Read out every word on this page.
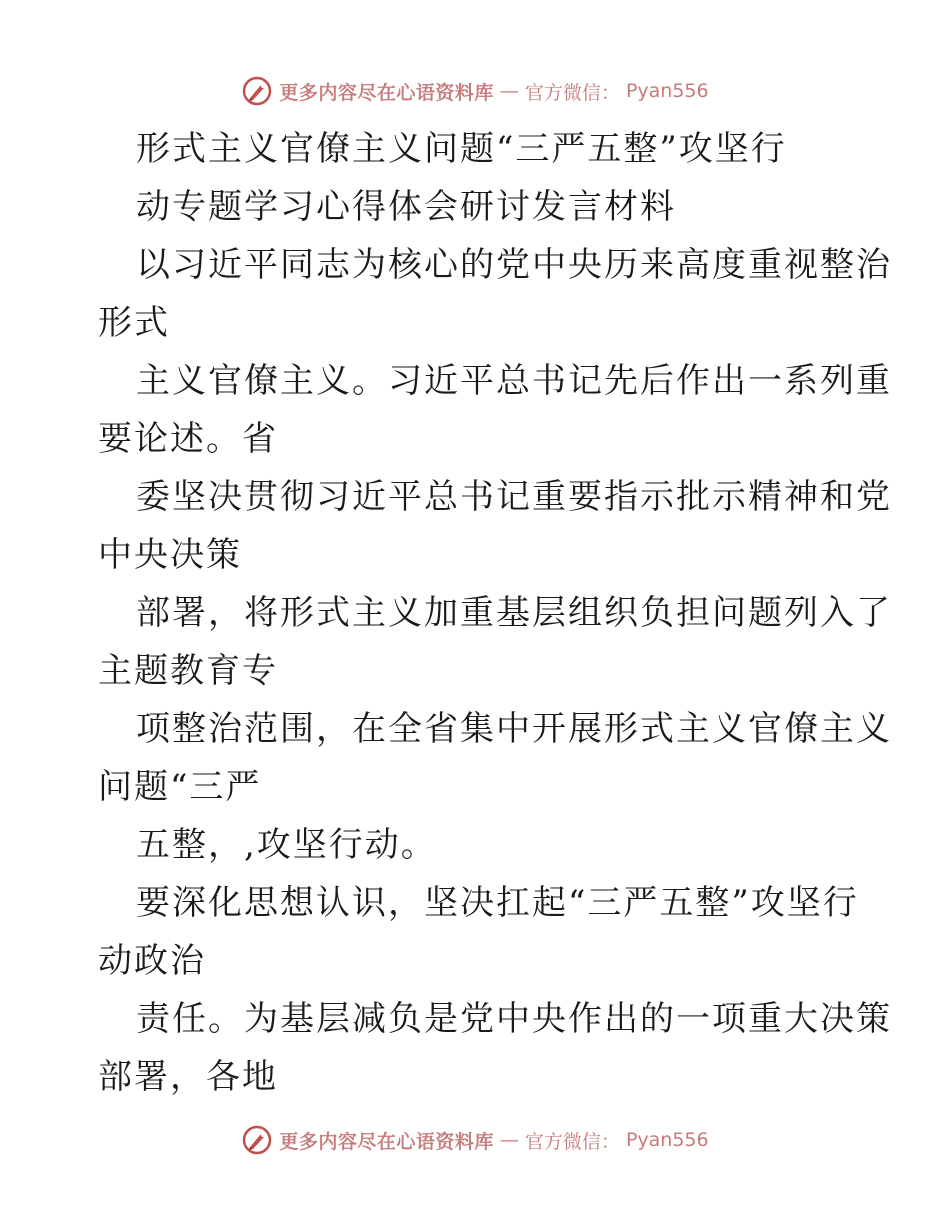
更多内容尽在心语资料库 — 官方微信： Pyan556
形式主义官僚主义问题“三严五整”攻坚行
动专题学习心得体会研讨发言材料
以习近平同志为核心的党中央历来高度重视整治
形式
主义官僚主义。习近平总书记先后作出一系列重
要论述。省
委坚决贯彻习近平总书记重要指示批示精神和党
中央决策
部署，将形式主义加重基层组织负担问题列入了
主题教育专
项整治范围，在全省集中开展形式主义官僚主义
问题“三严
五整，,攻坚行动。
要深化思想认识，坚决扛起“三严五整”攻坚行
动政治
责任。为基层减负是党中央作出的一项重大决策
部署，各地
更多内容尽在心语资料库 — 官方微信： Pyan556
